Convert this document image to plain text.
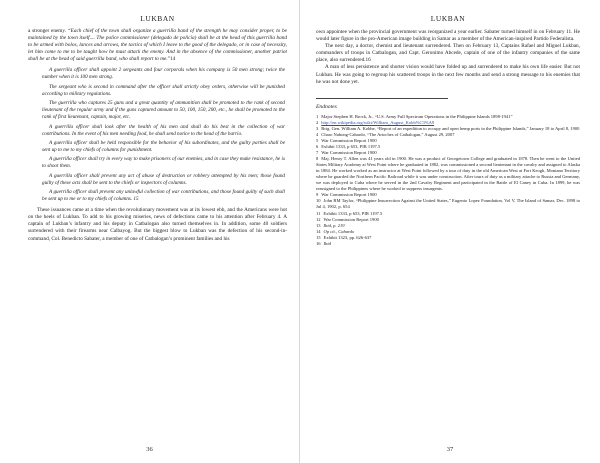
LUKBAN

a stronger enemy. “Each chief of the town shall organize a guerrilla band of the strength he may consider proper, to be maintained by the town itself.... The police commissioner (delegado de policia) shall be at the head of this guerrilla band to be armed with bolos, lances and arrows, the tactics of which I leave to the good of the delegado, or in case of necessity, let him come to me to be taught how he must attack the enemy. And in the absence of the commissioner, another patriot shall be at the head of said guerrilla band, who shall report to me.”14

A guerrilla officer shall appoint 2 sergeants and four corporals when his company is 50 men strong; twice the number when it is 100 men strong.

The sergeant who is second in command after the officer shall strictly obey orders, otherwise will be punished according to military regulations.

The guerrilla who captures 25 guns and a great quantity of ammunition shall be promoted to the rank of second lieutenant of the regular army and if the guns captured amount to 50, 100, 150, 200, etc., he shall be promoted to the rank of first lieutenant, captain, major, etc.

A guerrilla officer shall look after the health of his men and shall do his best in the collection of war contributions. In the event of his men needing food, he shall send notice to the head of the barrio.

A guerrilla officer shall be held responsible for the behavior of his subordinates, and the guilty parties shall be sent up to me to my chiefs of columns for punishment.

A guerrilla officer shall try in every way to make prisoners of our enemies, and in case they make resistance, he is to shoot them.

A guerrilla officer shall prevent any act of abuse of destruction or robbery attempted by his men; those found guilty of these acts shall be sent to the chiefs or inspectors of columns.

A guerrilla officer shall prevent any unlawful collection of war contributions, and those found guilty of such shall be sent up to me or to my chiefs of columns. 15

These issuances came at a time when the revolutionary movement was at its lowest ebb, and the Americans were hot on the heels of Lukban. To add to his growing miseries, news of defections came to his attention after February 4. A captain of Lukban’s infantry and his deputy in Catbalogan also turned themselves in. In addition, some 40 soldiers surrendered with their firearms near Calbayog. But the biggest blow to Lukban was the defection of his second-in-command, Col. Benedicto Sabater, a member of one of Catbalogan’s prominent families and his

36
LUKBAN

own appointee when the provincial government was reorganized a year earlier. Sabater turned himself in on February 11. He would later figure in the pro-American image building in Samar as a member of the American-inspired Partido Federalista.

The next day, a doctor, chemist and lieutenant surrendered. Then on February 13, Captains Rafael and Miguel Lukban, commanders of troops in Catbalogan, and Capt. Geronimo Abcede, captain of one of the infantry companies of the same place, also surrendered.16

A man of less persistence and shorter vision would have folded up and surrendered to make his own life easier. But not Lukban. He was going to regroup his scattered troops in the next few months and send a strong message to his enemies that he was not done yet.

Endnotes
1 Major Stephen H. Brock, Jr., “U.S. Army Full Spectrum Operations in the Philippine Islands 1898-1941”
2 http://en.wikipedia.org/wiki/William_August_Kobb%C3%A9
3 Brig. Gen. William A. Kobbe, “Report of an expedition to occupy and open hemp ports in the Philippine Islands,” January 18 to April 8, 1900
4 Charo Nabong-Cabardo, “The Artoches of Catbalogan,” August 29, 2007
5 War Commission Report 1900
6 Exhibit 1333, p 653, PIR 1197.5
7 War Commission Report 1900
8 Maj. Henry T. Allen was 41 years old in 1900. He was a product of Georgetown College and graduated in 1878. Then he went to the United States Military Academy at West Point where he graduated in 1882, was commissioned a second lieutenant in the cavalry and assigned to Alaska in 1884. He worked worked as an instructor at West Point followed by a tour of duty in the old American West at Fort Keogh, Montana Territory where he guarded the Northern Pacific Railroad while it was under construction. After tours of duty as a military attache to Russia and Germany, we was deployed to Cuba where he served in the 2nd Cavalry Regiment and participated in the Battle of El Caney in Cuba. In 1899, he was reassigned to the Philippines where he worked to suppress insurgents.
9 War Commission Report 1900
10 John RM Taylor, “Philippine Insurrection Against the United States,” Eugenio Lopez Foundation, Vol V, The Island of Samar, Dec. 1898 to Jul 4, 1902, p. 654
11 Exhibit 1333, p 653, PIR 1197.5
12 War Commission Report 1900
13 Ibid, p. 219
14 Op cit., Cabardo
15 Exhibit 1323, pp. 626-637
16 Ibid
37
